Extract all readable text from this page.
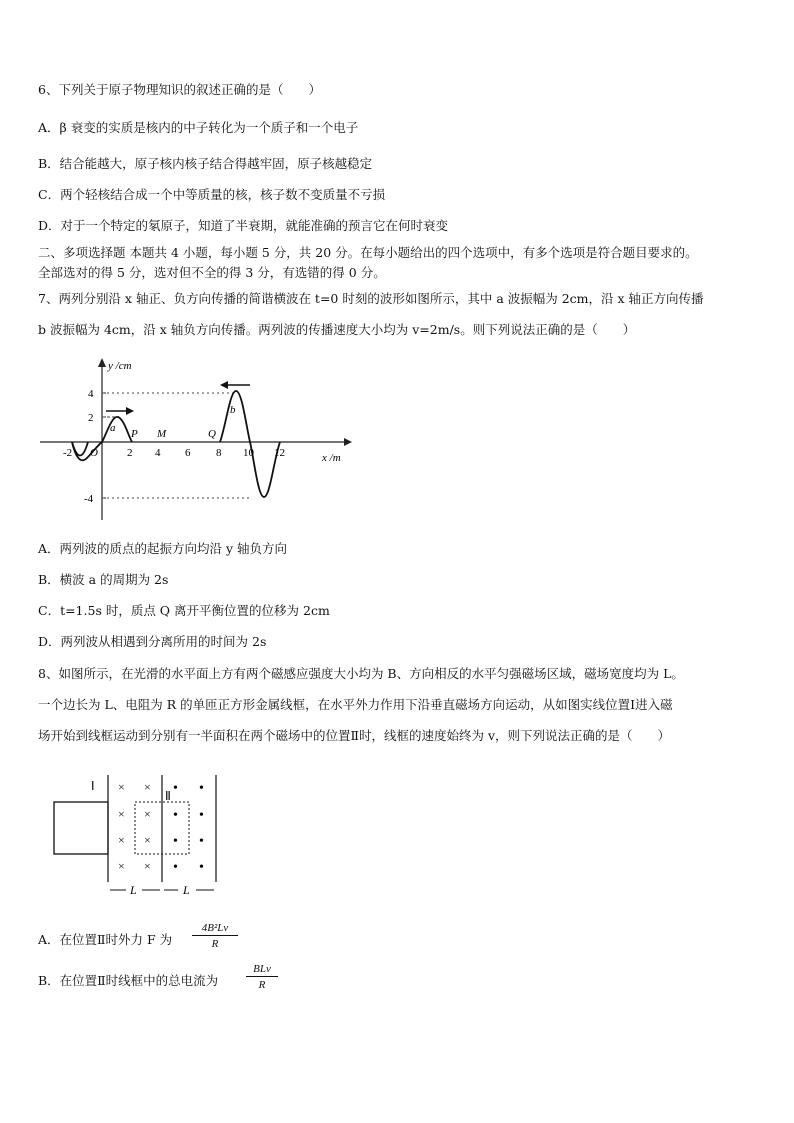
6、下列关于原子物理知识的叙述正确的是（　　）
A．β 衰变的实质是核内的中子转化为一个质子和一个电子
B．结合能越大，原子核内核子结合得越牢固，原子核越稳定
C．两个轻核结合成一个中等质量的核，核子数不变质量不亏损
D．对于一个特定的氡原子，知道了半衰期，就能准确的预言它在何时衰变
二、多项选择题 本题共 4 小题，每小题 5 分，共 20 分。在每小题给出的四个选项中，有多个选项是符合题目要求的。
全部选对的得 5 分，选对但不全的得 3 分，有选错的得 0 分。
7、两列分别沿 x 轴正、负方向传播的简谐横波在 t=0 时刻的波形如图所示，其中 a 波振幅为 2cm，沿 x 轴正方向传播
b 波振幅为 4cm，沿 x 轴负方向传播。两列波的传播速度大小均为 v=2m/s。则下列说法正确的是（　　）
y /cm
x /m
4
2
-4
-2 O	2 4 6 8 10 12
a
b
P M	Q
A．两列波的质点的起振方向均沿 y 轴负方向
B．横波 a 的周期为 2s
C．t=1.5s 时，质点 Q 离开平衡位置的位移为 2cm
D．两列波从相遇到分离所用的时间为 2s
8、如图所示，在光滑的水平面上方有两个磁感应强度大小均为 B、方向相反的水平匀强磁场区域，磁场宽度均为 L。
一个边长为 L、电阻为 R 的单匝正方形金属线框，在水平外力作用下沿垂直磁场方向运动，从如图实线位置Ⅰ进入磁
场开始到线框运动到分别有一半面积在两个磁场中的位置Ⅱ时，线框的速度始终为 v，则下列说法正确的是（　　）
× ×
× ×
× ×
× ×
• •
• •
• •
• •
Ⅰ
Ⅱ
L	L
A．在位置Ⅱ时外力 F 为
4B²Lv
R
B．在位置Ⅱ时线框中的总电流为
BLv
R
